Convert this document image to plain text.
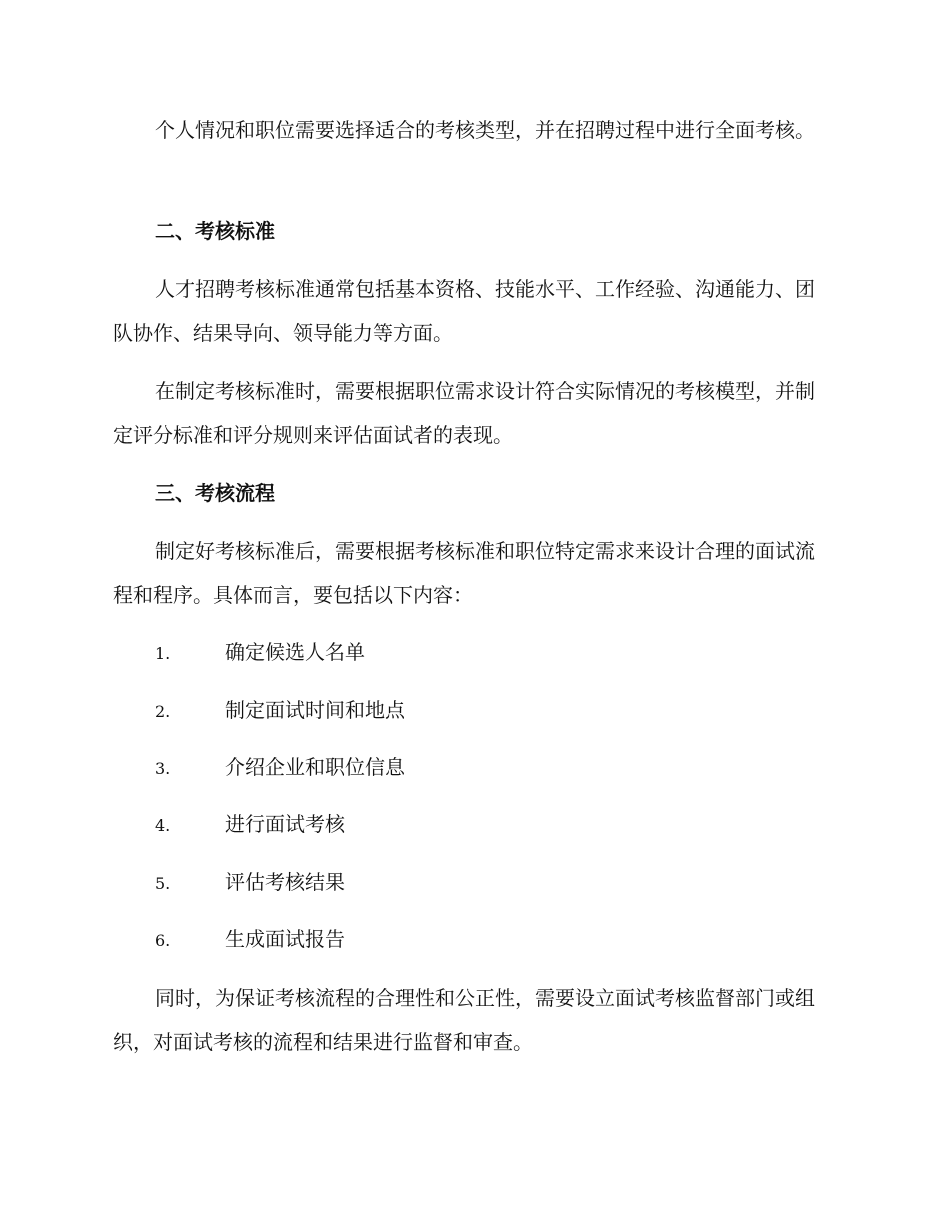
个人情况和职位需要选择适合的考核类型，并在招聘过程中进行全面考核。

二、考核标准

人才招聘考核标准通常包括基本资格、技能水平、工作经验、沟通能力、团队协作、结果导向、领导能力等方面。

在制定考核标准时，需要根据职位需求设计符合实际情况的考核模型，并制定评分标准和评分规则来评估面试者的表现。

三、考核流程

制定好考核标准后，需要根据考核标准和职位特定需求来设计合理的面试流程和程序。具体而言，要包括以下内容：

1.	确定候选人名单
2.	制定面试时间和地点
3.	介绍企业和职位信息
4.	进行面试考核
5.	评估考核结果
6.	生成面试报告

同时，为保证考核流程的合理性和公正性，需要设立面试考核监督部门或组织，对面试考核的流程和结果进行监督和审查。
